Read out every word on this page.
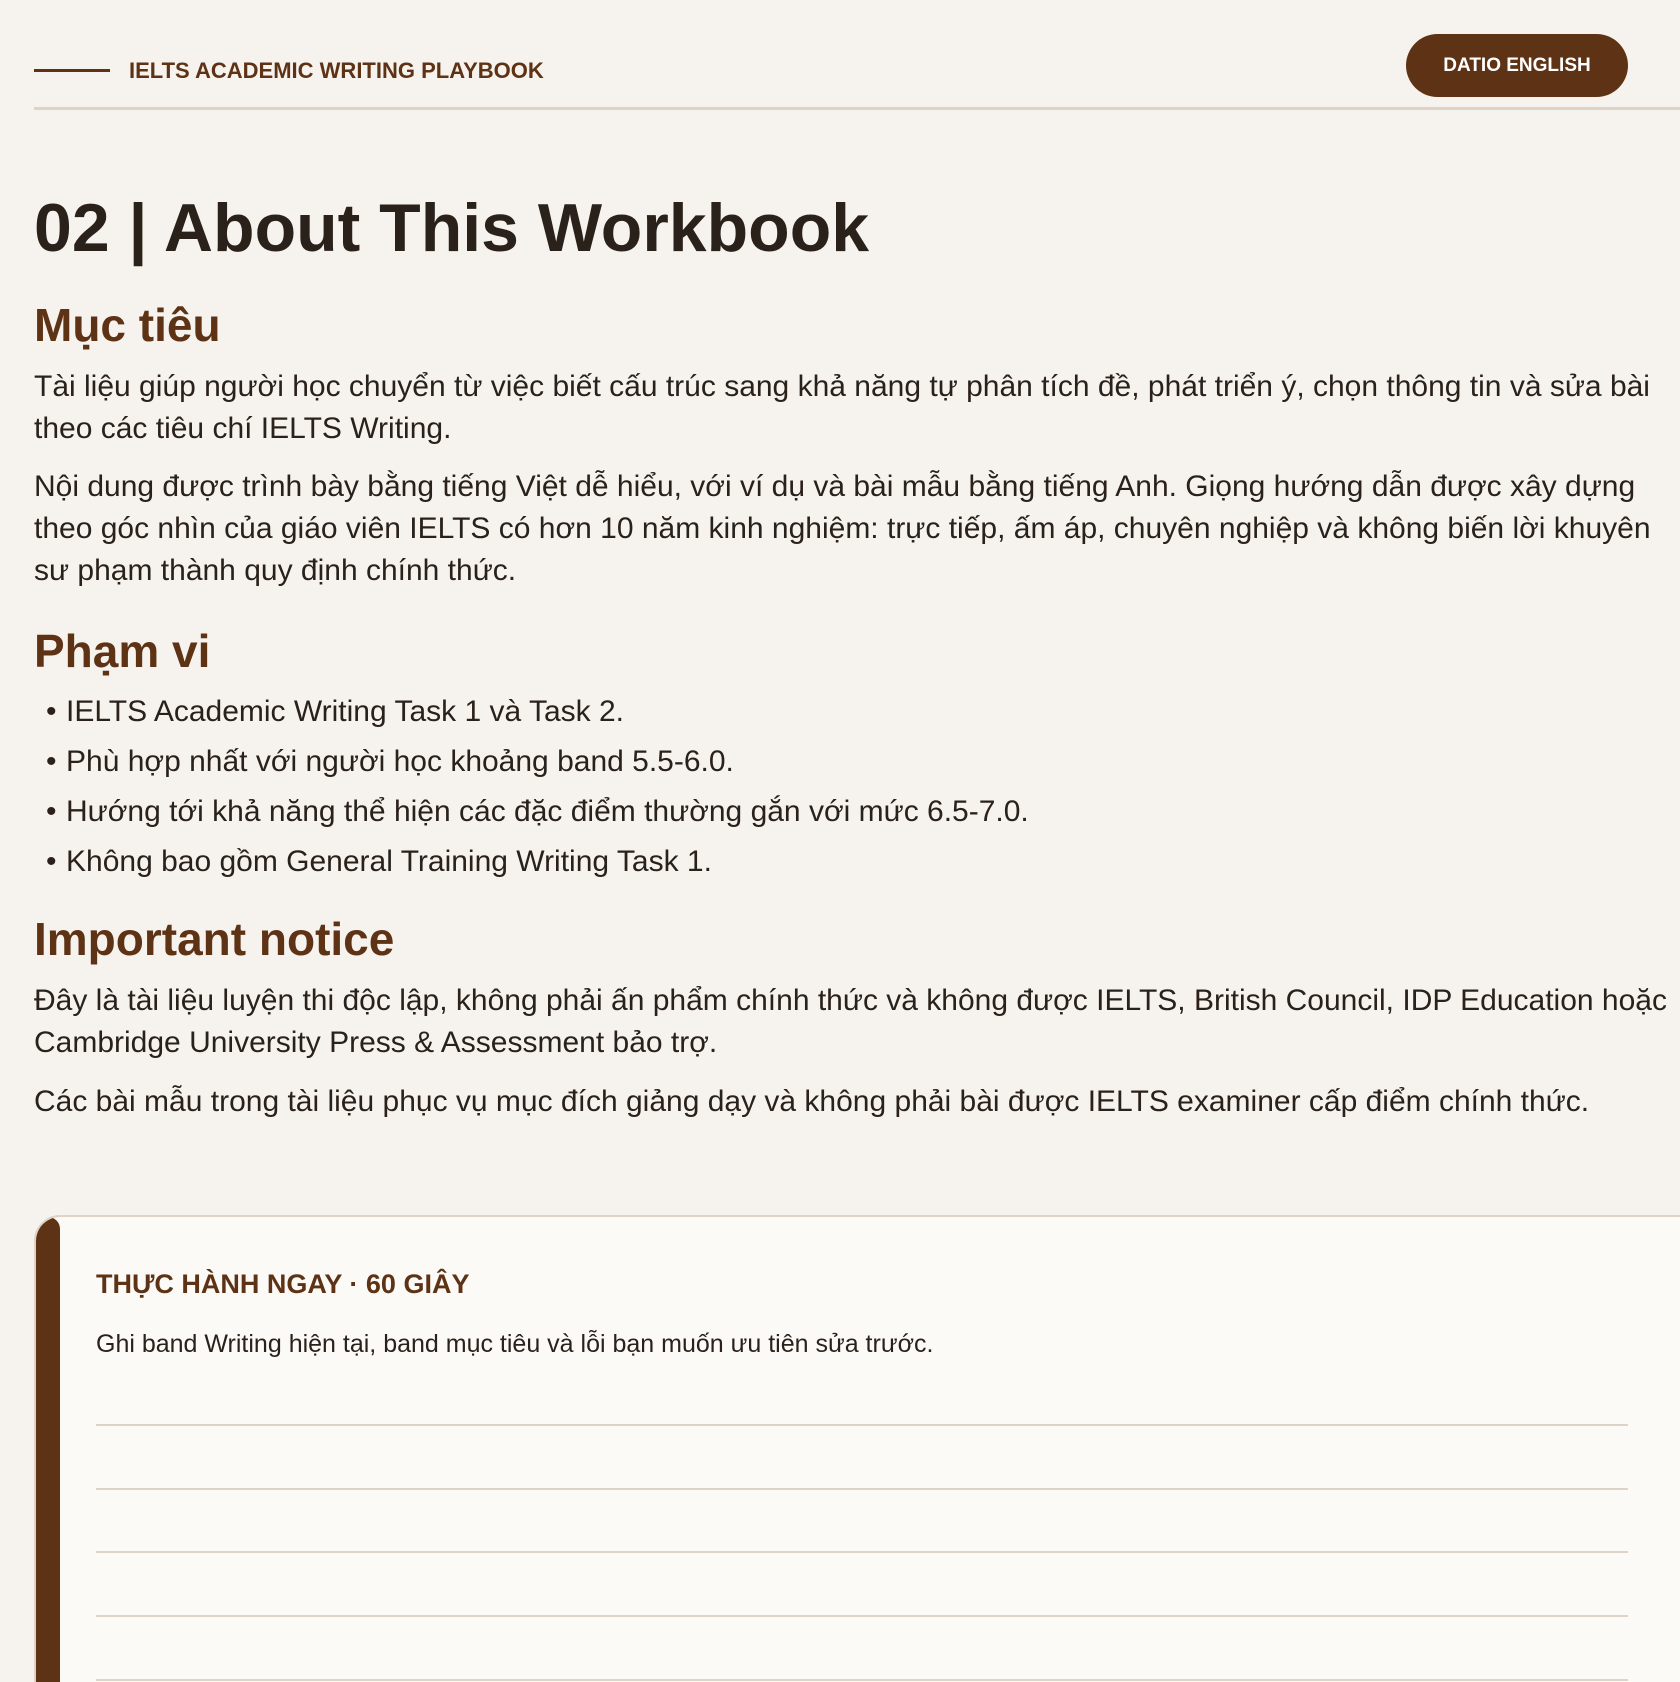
IELTS ACADEMIC WRITING PLAYBOOK	DATIO ENGLISH
02 | About This Workbook
Mục tiêu

Tài liệu giúp người học chuyển từ việc biết cấu trúc sang khả năng tự phân tích đề, phát triển ý, chọn thông tin và sửa bài theo các tiêu chí IELTS Writing.

Nội dung được trình bày bằng tiếng Việt dễ hiểu, với ví dụ và bài mẫu bằng tiếng Anh. Giọng hướng dẫn được xây dựng theo góc nhìn của giáo viên IELTS có hơn 10 năm kinh nghiệm: trực tiếp, ấm áp, chuyên nghiệp và không biến lời khuyên sư phạm thành quy định chính thức.

Phạm vi
• IELTS Academic Writing Task 1 và Task 2.
• Phù hợp nhất với người học khoảng band 5.5-6.0.
• Hướng tới khả năng thể hiện các đặc điểm thường gắn với mức 6.5-7.0.
• Không bao gồm General Training Writing Task 1.
Important notice

Đây là tài liệu luyện thi độc lập, không phải ấn phẩm chính thức và không được IELTS, British Council, IDP Education hoặc Cambridge University Press & Assessment bảo trợ.

Các bài mẫu trong tài liệu phục vụ mục đích giảng dạy và không phải bài được IELTS examiner cấp điểm chính thức.

THỰC HÀNH NGAY · 60 GIÂY
Ghi band Writing hiện tại, band mục tiêu và lỗi bạn muốn ưu tiên sửa trước.
